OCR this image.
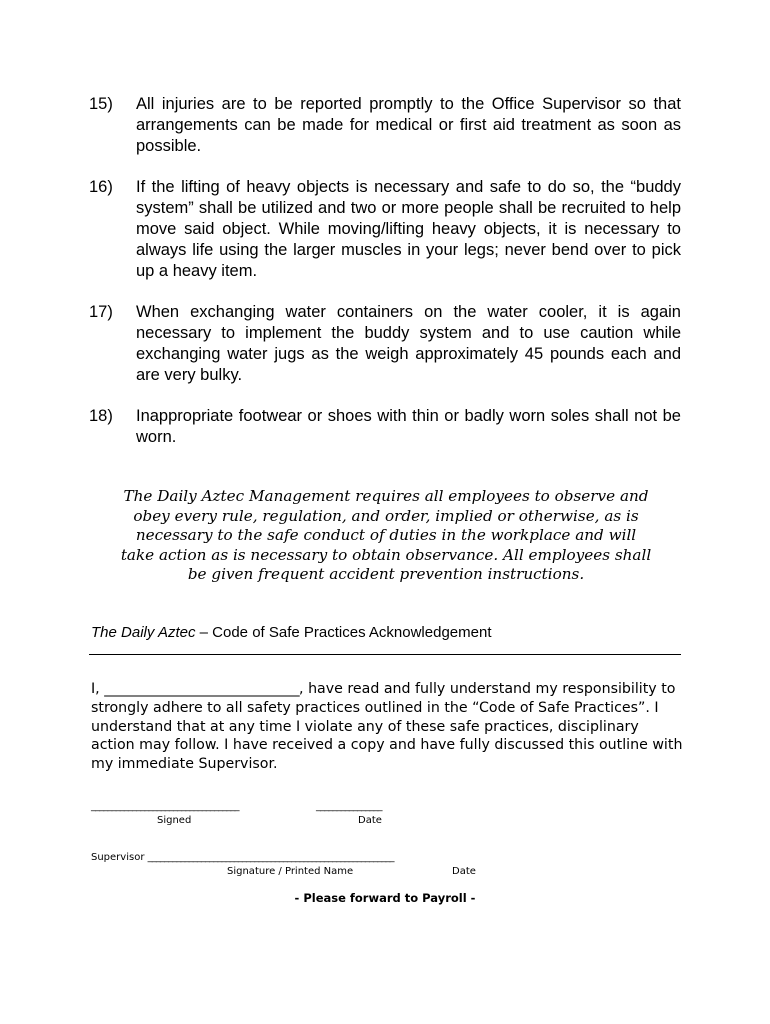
15) All injuries are to be reported promptly to the Office Supervisor so that arrangements can be made for medical or first aid treatment as soon as possible.
16) If the lifting of heavy objects is necessary and safe to do so, the “buddy system” shall be utilized and two or more people shall be recruited to help move said object. While moving/lifting heavy objects, it is necessary to always life using the larger muscles in your legs; never bend over to pick up a heavy item.
17) When exchanging water containers on the water cooler, it is again necessary to implement the buddy system and to use caution while exchanging water jugs as the weigh approximately 45 pounds each and are very bulky.
18) Inappropriate footwear or shoes with thin or badly worn soles shall not be worn.
The Daily Aztec Management requires all employees to observe and
obey every rule, regulation, and order, implied or otherwise, as is
necessary to the safe conduct of duties in the workplace and will
take action as is necessary to obtain observance. All employees shall
be given frequent accident prevention instructions.
The Daily Aztec – Code of Safe Practices Acknowledgement
I, ______________________________, have read and fully understand my responsibility to strongly adhere to all safety practices outlined in the “Code of Safe Practices”. I understand that at any time I violate any of these safe practices, disciplinary action may follow. I have received a copy and have fully discussed this outline with my immediate Supervisor.
____________________________________	________________
Signed	Date
Supervisor ____________________________________________________________
Signature / Printed Name	Date
- Please forward to Payroll -
